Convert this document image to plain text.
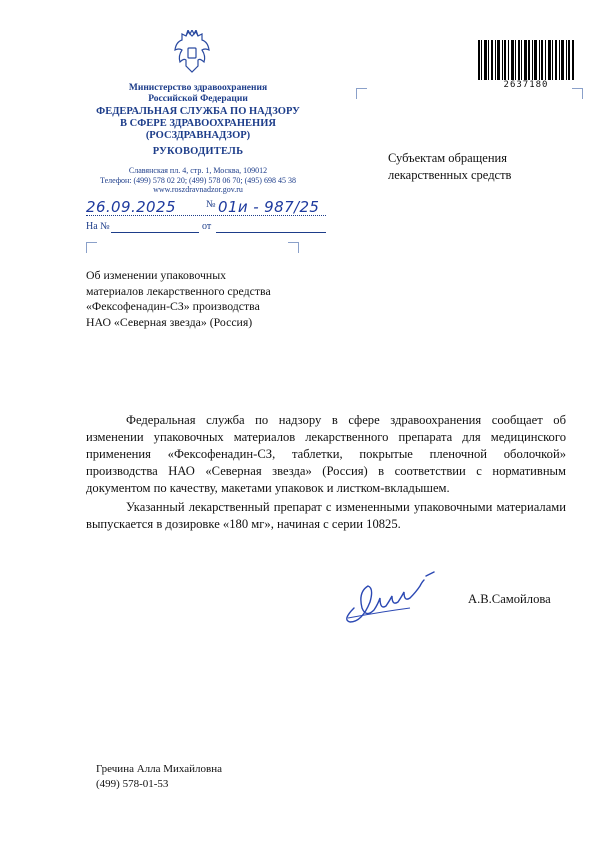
Министерство здравоохранения
Российской Федерации
ФЕДЕРАЛЬНАЯ СЛУЖБА ПО НАДЗОРУ
В СФЕРЕ ЗДРАВООХРАНЕНИЯ
(РОСЗДРАВНАДЗОР)
РУКОВОДИТЕЛЬ
Славянская пл. 4, стр. 1, Москва, 109012
Телефон: (499) 578 02 20; (499) 578 06 70; (495) 698 45 38
www.roszdravnadzor.gov.ru
26.09.2025	№ 01и - 987/25
На №	от
2637180
Субъектам обращения
лекарственных средств
Об изменении упаковочных
материалов лекарственного средства
«Фексофенадин-СЗ» производства
НАО «Северная звезда» (Россия)

Федеральная служба по надзору в сфере здравоохранения сообщает об изменении упаковочных материалов лекарственного препарата для медицинского применения «Фексофенадин-СЗ, таблетки, покрытые пленочной оболочкой» производства НАО «Северная звезда» (Россия) в соответствии с нормативным документом по качеству, макетами упаковок и листком-вкладышем.

Указанный лекарственный препарат с измененными упаковочными материалами выпускается в дозировке «180 мг», начиная с серии 10825.

А.В.Самойлова
Гречина Алла Михайловна
(499) 578-01-53
